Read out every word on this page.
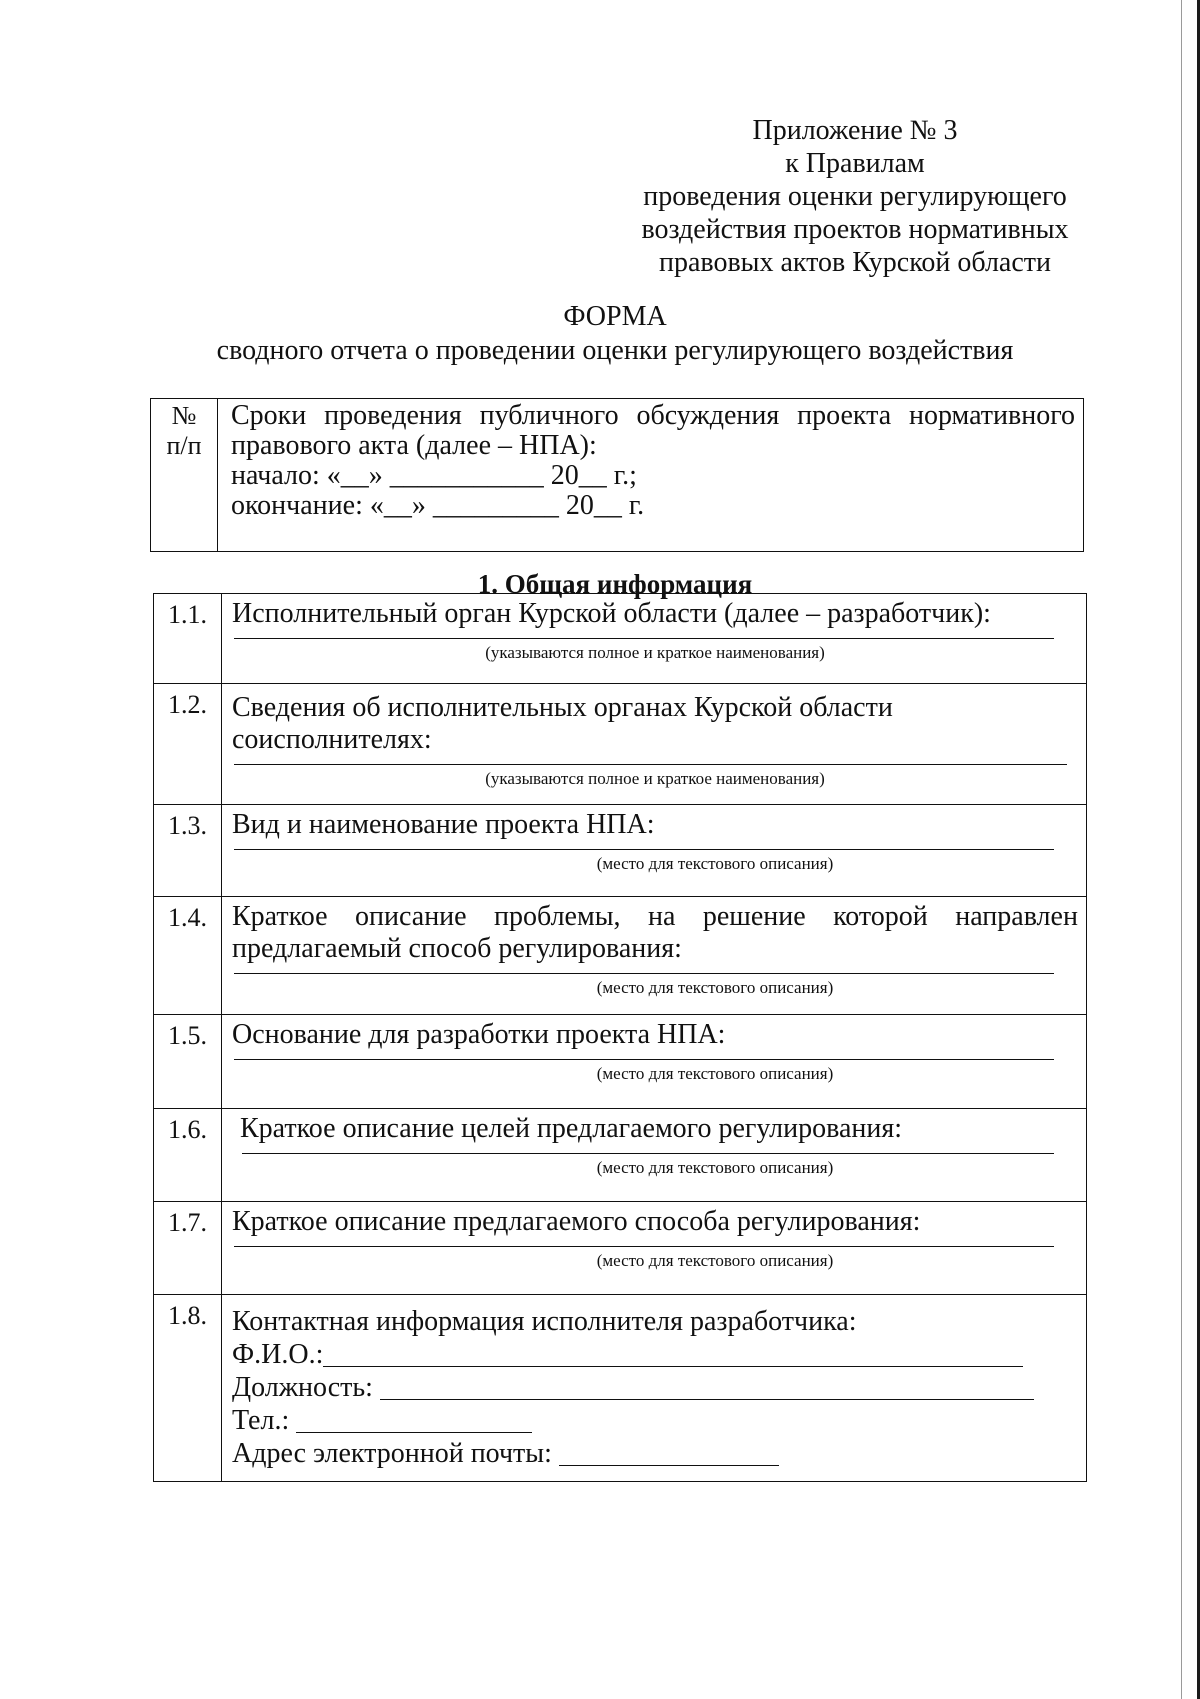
Приложение № 3
к Правилам
проведения оценки регулирующего
воздействия проектов нормативных
правовых актов Курской области
ФОРМА
сводного отчета о проведении оценки регулирующего воздействия
№
п/п
Сроки проведения публичного обсуждения проекта нормативного
правового акта (далее – НПА):
начало: «__» ___________ 20__ г.;
окончание: «__» _________ 20__ г.
1. Общая информация
1.1. Исполнительный орган Курской области (далее – разработчик):
(указываются полное и краткое наименования)
1.2. Сведения об исполнительных органах Курской области
соисполнителях:
(указываются полное и краткое наименования)
1.3. Вид и наименование проекта НПА:
(место для текстового описания)
1.4. Краткое описание проблемы, на решение которой направлен
предлагаемый способ регулирования:
(место для текстового описания)
1.5. Основание для разработки проекта НПА:
(место для текстового описания)
1.6.	Краткое описание целей предлагаемого регулирования:
(место для текстового описания)
1.7. Краткое описание предлагаемого способа регулирования:
(место для текстового описания)
1.8. Контактная информация исполнителя разработчика:
Ф.И.О.:
Должность:
Тел.:
Адрес электронной почты:
